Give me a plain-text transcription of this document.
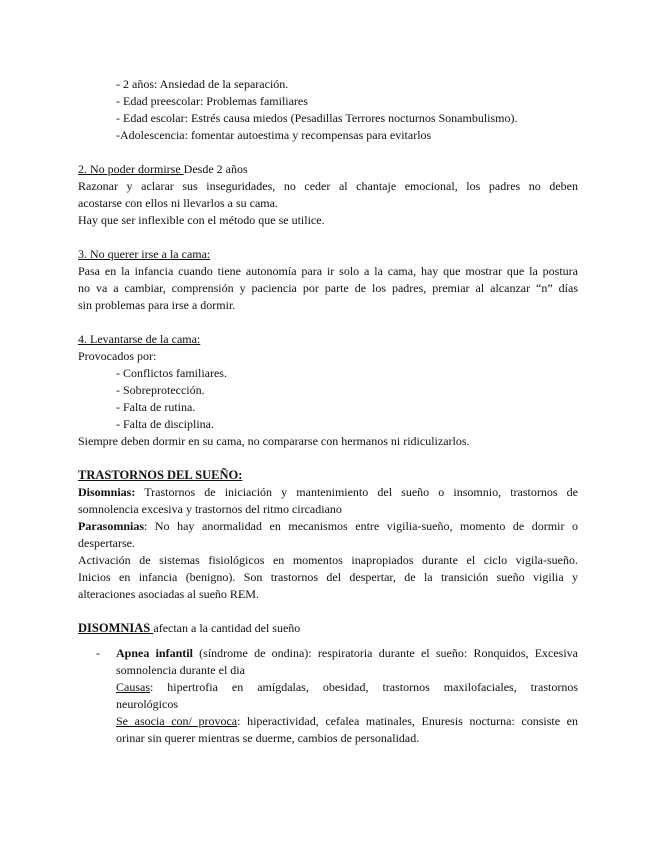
- 2 años: Ansiedad de la separación.
- Edad preescolar: Problemas familiares
- Edad escolar: Estrés causa miedos (Pesadillas Terrores nocturnos Sonambulismo).
-Adolescencia: fomentar autoestima y recompensas para evitarlos
2. No poder dormirse Desde 2 años
Razonar y aclarar sus inseguridades, no ceder al chantaje emocional, los padres no deben
acostarse con ellos ni llevarlos a su cama.
Hay que ser inflexible con el método que se utilice.
3. No querer irse a la cama:
Pasa en la infancia cuando tiene autonomía para ir solo a la cama, hay que mostrar que la postura
no va a cambiar, comprensión y paciencia por parte de los padres, premiar al alcanzar “n” días
sin problemas para irse a dormir.
4. Levantarse de la cama:
Provocados por:
- Conflictos familiares.
- Sobreprotección.
- Falta de rutina.
- Falta de disciplina.
Siempre deben dormir en su cama, no compararse con hermanos ni ridiculizarlos.
TRASTORNOS DEL SUEÑO:
Disomnias: Trastornos de iniciación y mantenimiento del sueño o insomnio, trastornos de
somnolencia excesiva y trastornos del ritmo circadiano
Parasomnias: No hay anormalidad en mecanismos entre vigilia-sueño, momento de dormir o
despertarse.
Activación de sistemas fisiológicos en momentos inapropiados durante el ciclo vigila-sueño.
Inicios en infancia (benigno). Son trastornos del despertar, de la transición sueño vigilia y
alteraciones asociadas al sueño REM.
DISOMNIAS afectan a la cantidad del sueño
- Apnea infantil (síndrome de ondina): respiratoria durante el sueño: Ronquidos, Excesiva
somnolencia durante el dia
Causas: hipertrofia en amígdalas, obesidad, trastornos maxilofaciales, trastornos
neurológicos
Se asocia con/ provoca: hiperactividad, cefalea matinales, Enuresis nocturna: consiste en
orinar sin querer mientras se duerme, cambios de personalidad.
